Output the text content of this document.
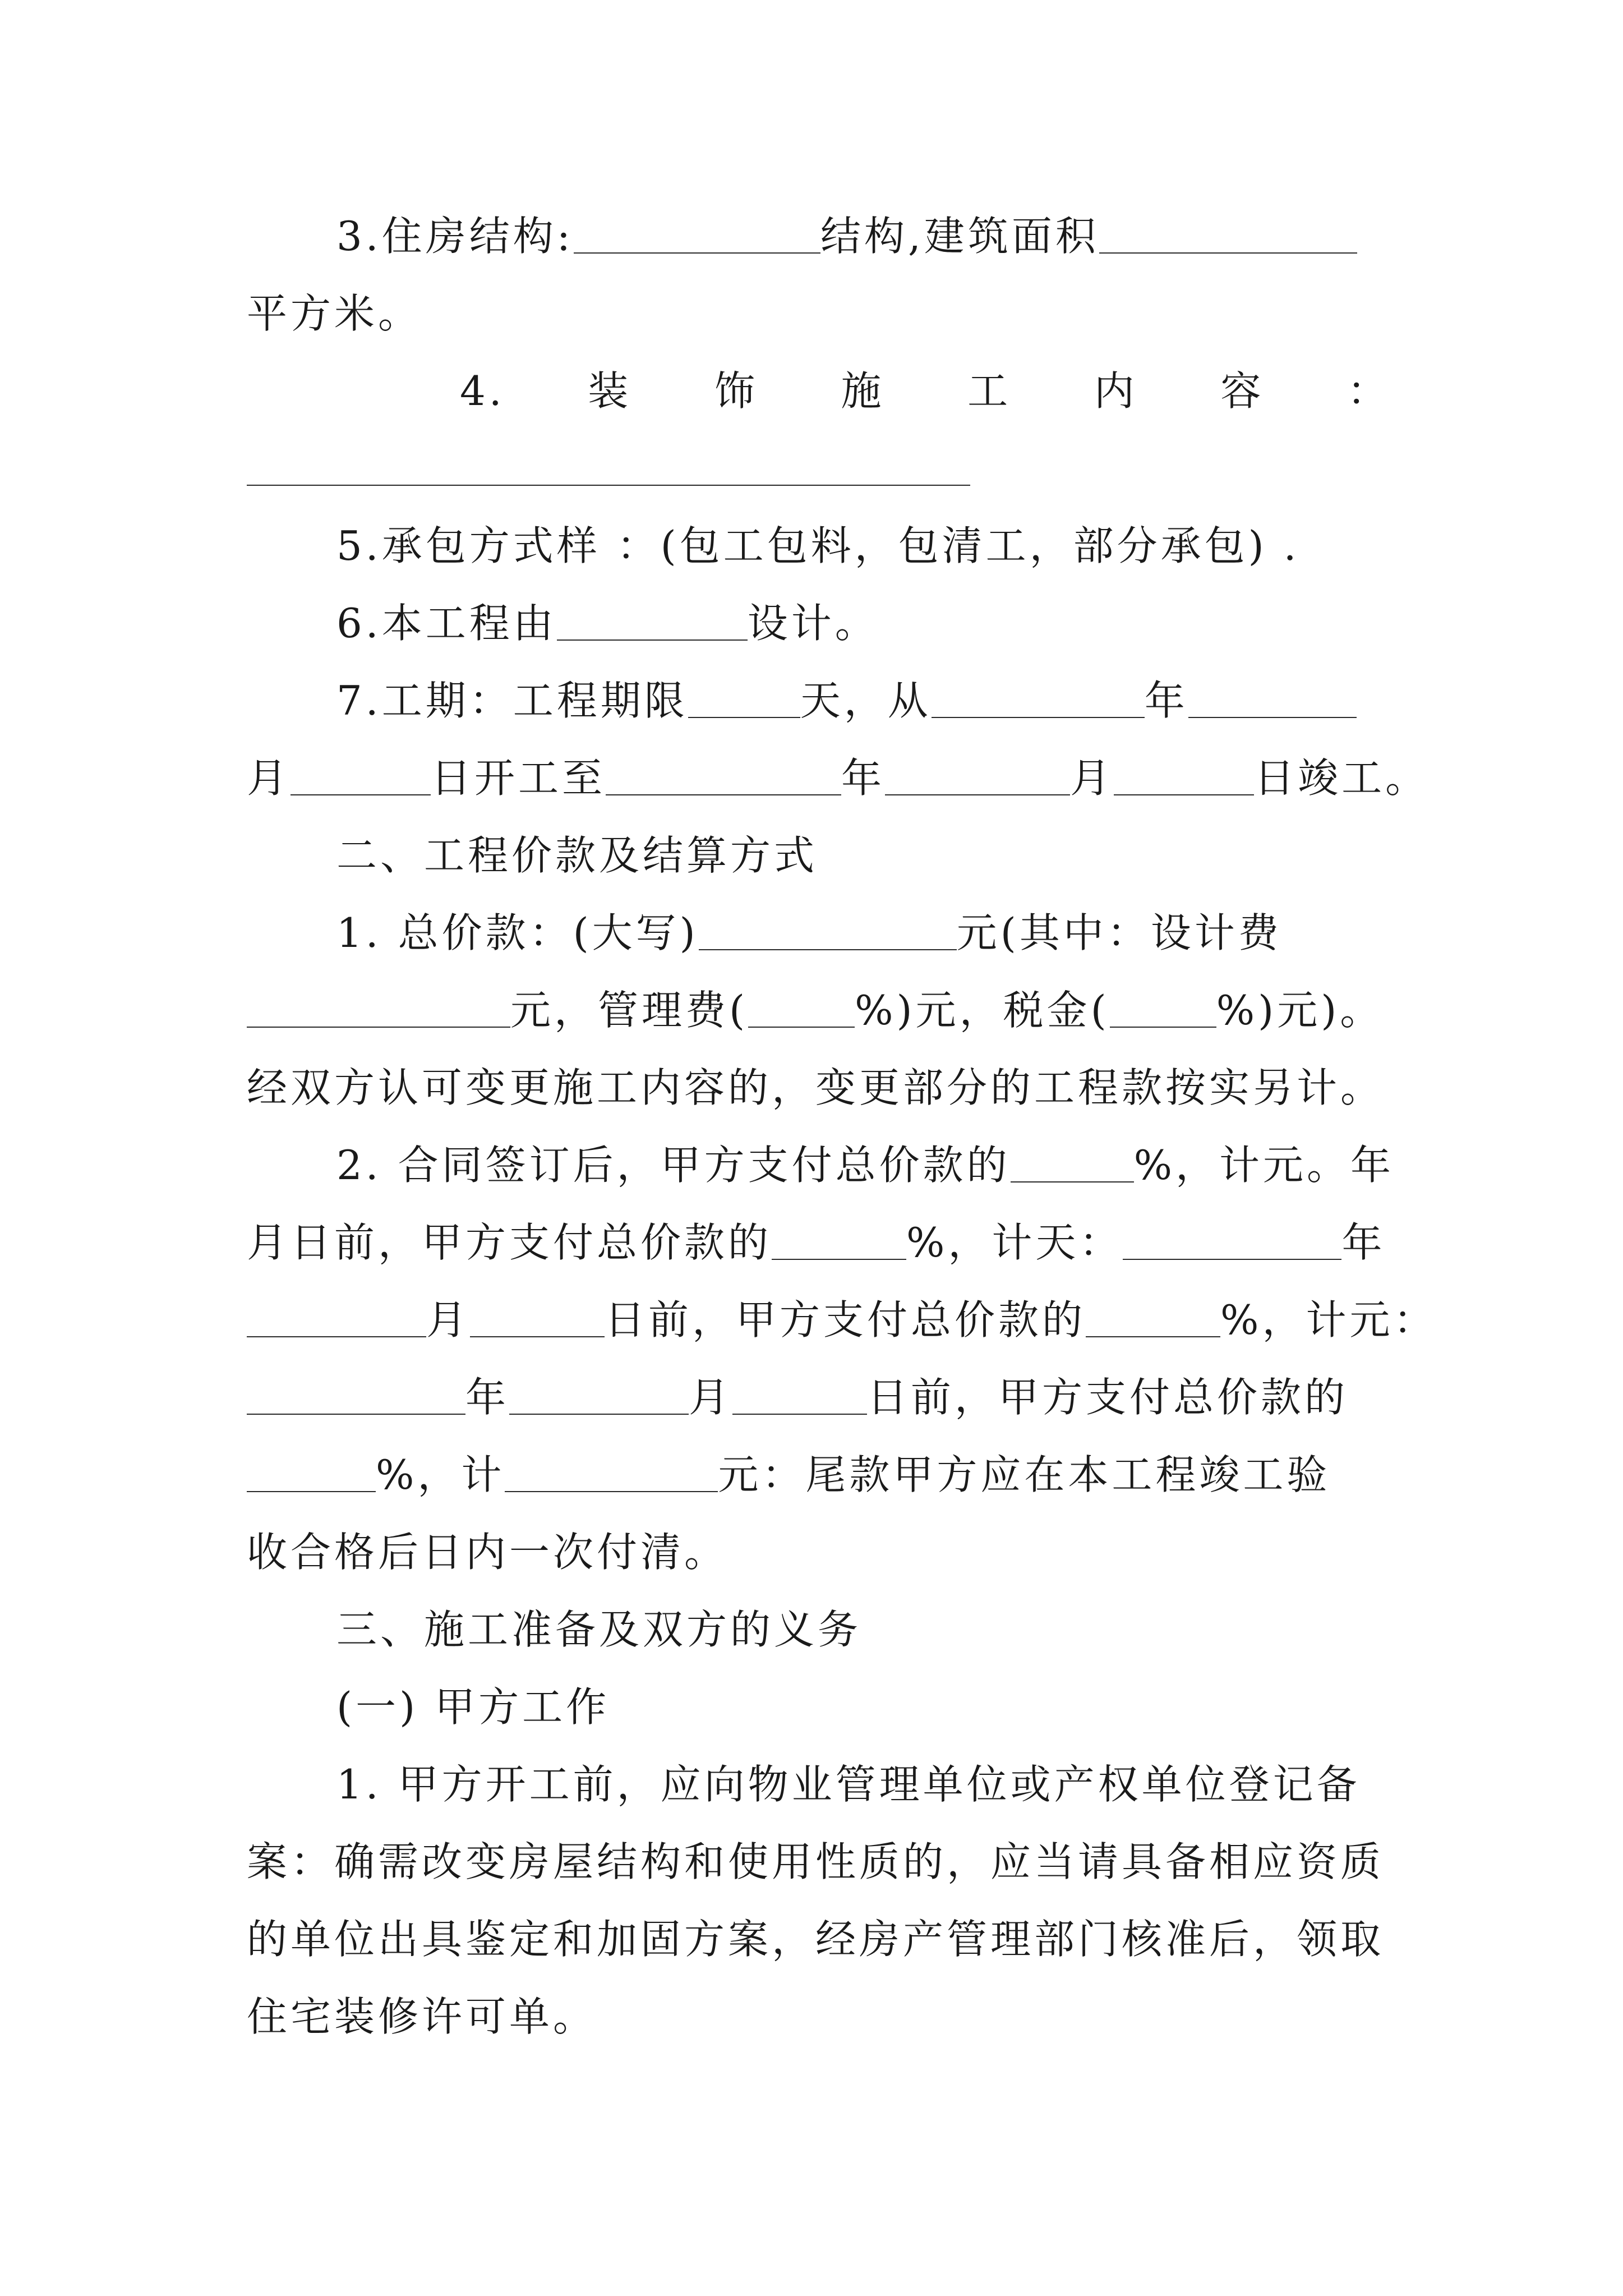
3.住房结构:	结构,建筑面积
平方米。
4. 装 饰 施 工 内 容 ：
5.承包方式样 ：(包工包料，包清工，部分承包) .
6.本工程由	设计。
7.工期：工程期限	天，从	年
月	日开工至	年	月	日竣工。
二、工程价款及结算方式
1. 总价款：(大写)	元(其中：设计费
元，管理费(	%)元，税金(	%)元)。
经双方认可变更施工内容的，变更部分的工程款按实另计。
2. 合同签订后，甲方支付总价款的	%，计元。年
月日前，甲方支付总价款的	%，计天：	年
月	日前，甲方支付总价款的	%，计元：
年	月	日前，甲方支付总价款的
%，计	元：尾款甲方应在本工程竣工验
收合格后日内一次付清。
三、施工准备及双方的义务
(一) 甲方工作
1. 甲方开工前，应向物业管理单位或产权单位登记备
案：确需改变房屋结构和使用性质的，应当请具备相应资质
的单位出具鉴定和加固方案，经房产管理部门核准后，领取
住宅装修许可单。
